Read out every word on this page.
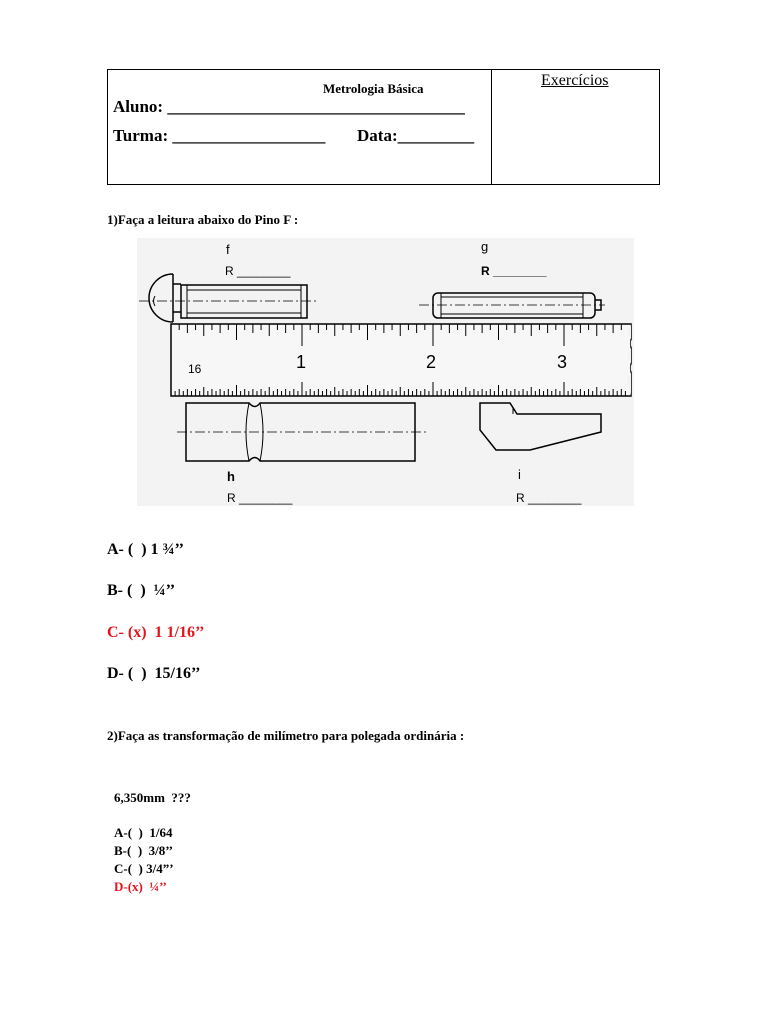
Metrologia Básica	Exercícios
Aluno: ___________________________________
Turma: __________________ Data:_________
1)Faça a leitura abaixo do Pino F :
16	1	2	3
f
R ________
g
R ________
h
R ________
i
R ________
A- (  ) 1 ¾’’
B- (  )  ¼’’
C- (x)  1 1/16’’
D- (  )  15/16’’
2)Faça as transformação de milímetro para polegada ordinária :
6,350mm  ???
A-(  )  1/64
B-(  )  3/8’’
C-(  ) 3/4”’
D-(x)  ¼’’
